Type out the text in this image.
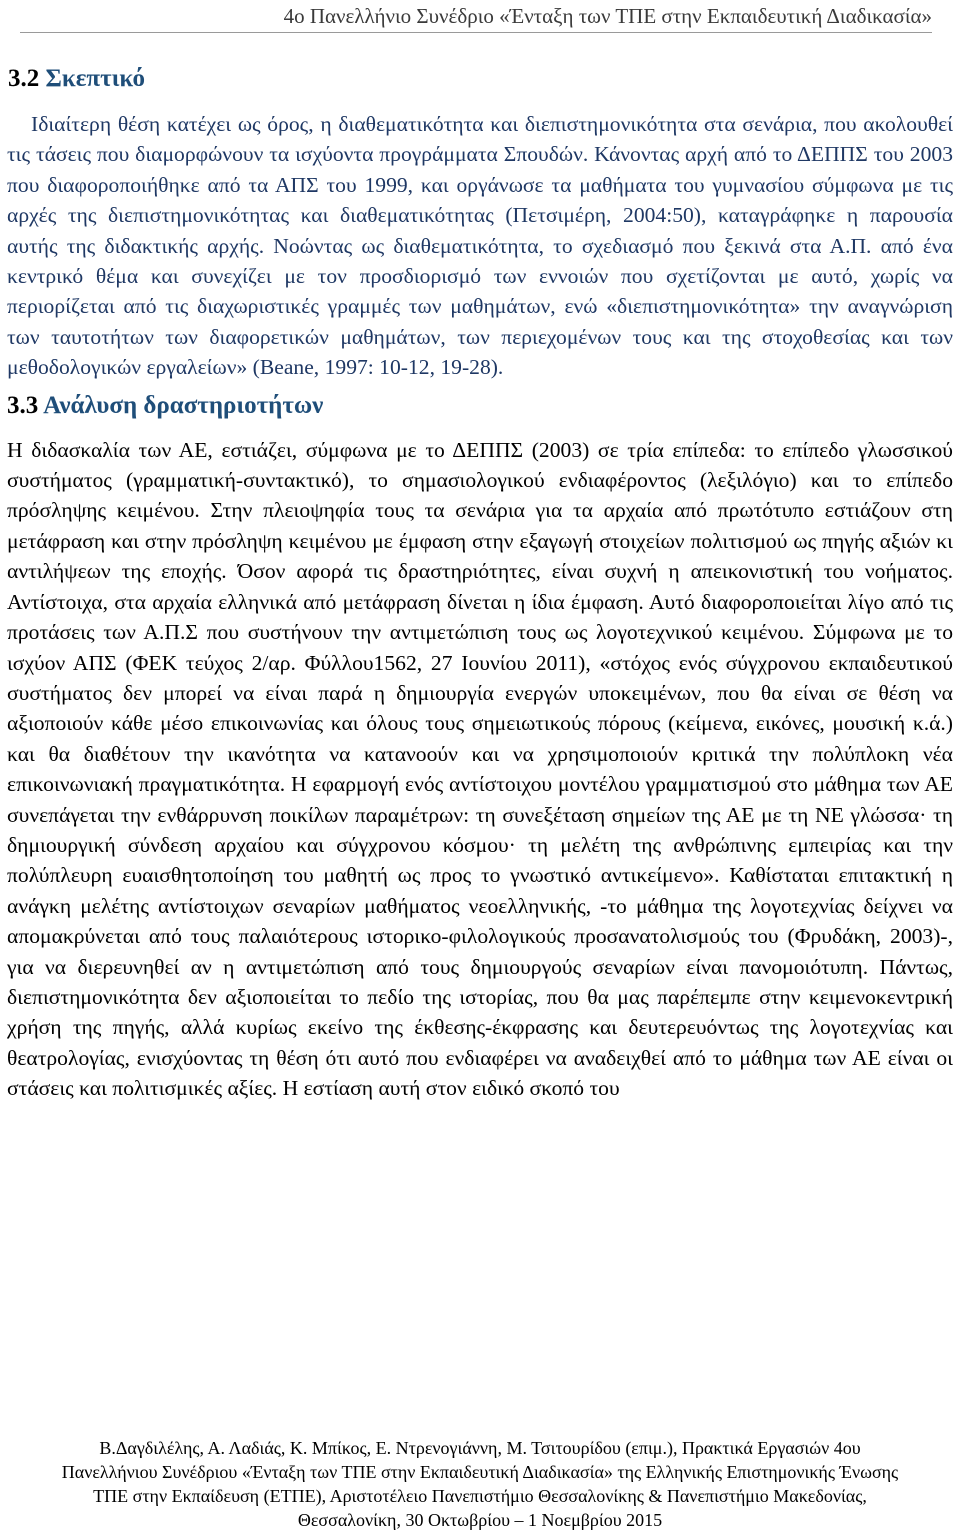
4ο Πανελλήνιο Συνέδριο «Ένταξη των ΤΠΕ στην Εκπαιδευτική Διαδικασία»
3.2 Σκεπτικό

Ιδιαίτερη θέση κατέχει ως όρος, η διαθεματικότητα και διεπιστημονικότητα στα σενάρια, που ακολουθεί τις τάσεις που διαμορφώνουν τα ισχύοντα προγράμματα Σπουδών. Κάνοντας αρχή από το ΔΕΠΠΣ του 2003 που διαφοροποιήθηκε από τα ΑΠΣ του 1999, και οργάνωσε τα μαθήματα του γυμνασίου σύμφωνα με τις αρχές της διεπιστημονικότητας και διαθεματικότητας (Πετσιμέρη, 2004:50), καταγράφηκε η παρουσία αυτής της διδακτικής αρχής. Νοώντας ως διαθεματικότητα, το σχεδιασμό που ξεκινά στα Α.Π. από ένα κεντρικό θέμα και συνεχίζει με τον προσδιορισμό των εννοιών που σχετίζονται με αυτό, χωρίς να περιορίζεται από τις διαχωριστικές γραμμές των μαθημάτων, ενώ «διεπιστημονικότητα» την αναγνώριση των ταυτοτήτων των διαφορετικών μαθημάτων, των περιεχομένων τους και της στοχοθεσίας και των μεθοδολογικών εργαλείων» (Beane, 1997: 10-12, 19-28).

3.3 Ανάλυση δραστηριοτήτων

Η διδασκαλία των ΑΕ, εστιάζει, σύμφωνα με το ΔΕΠΠΣ (2003) σε τρία επίπεδα: το επίπεδο γλωσσικού συστήματος (γραμματική-συντακτικό), το σημασιολογικού ενδιαφέροντος (λεξιλόγιο) και το επίπεδο πρόσληψης κειμένου. Στην πλειοψηφία τους τα σενάρια για τα αρχαία από πρωτότυπο εστιάζουν στη μετάφραση και στην πρόσληψη κειμένου με έμφαση στην εξαγωγή στοιχείων πολιτισμού ως πηγής αξιών κι αντιλήψεων της εποχής. Όσον αφορά τις δραστηριότητες, είναι συχνή η απεικονιστική του νοήματος. Αντίστοιχα, στα αρχαία ελληνικά από μετάφραση δίνεται η ίδια έμφαση. Αυτό διαφοροποιείται λίγο από τις προτάσεις των Α.Π.Σ που συστήνουν την αντιμετώπιση τους ως λογοτεχνικού κειμένου. Σύμφωνα με το ισχύον ΑΠΣ (ΦΕΚ τεύχος 2/αρ. Φύλλου1562, 27 Ιουνίου 2011), «στόχος ενός σύγχρονου εκπαιδευτικού συστήματος δεν μπορεί να είναι παρά η δημιουργία ενεργών υποκειμένων, που θα είναι σε θέση να αξιοποιούν κάθε μέσο επικοινωνίας και όλους τους σημειωτικούς πόρους (κείμενα, εικόνες, μουσική κ.ά.) και θα διαθέτουν την ικανότητα να κατανοούν και να χρησιμοποιούν κριτικά την πολύπλοκη νέα επικοινωνιακή πραγματικότητα. Η εφαρμογή ενός αντίστοιχου μοντέλου γραμματισμού στο μάθημα των ΑΕ συνεπάγεται την ενθάρρυνση ποικίλων παραμέτρων: τη συνεξέταση σημείων της ΑΕ με τη ΝΕ γλώσσα· τη δημιουργική σύνδεση αρχαίου και σύγχρονου κόσμου· τη μελέτη της ανθρώπινης εμπειρίας και την πολύπλευρη ευαισθητοποίηση του μαθητή ως προς το γνωστικό αντικείμενο». Καθίσταται επιτακτική η ανάγκη μελέτης αντίστοιχων σεναρίων μαθήματος νεοελληνικής, -το μάθημα της λογοτεχνίας δείχνει να απομακρύνεται από τους παλαιότερους ιστορικο-φιλολογικούς προσανατολισμούς του (Φρυδάκη, 2003)-, για να διερευνηθεί αν η αντιμετώπιση από τους δημιουργούς σεναρίων είναι πανομοιότυπη. Πάντως, διεπιστημονικότητα δεν αξιοποιείται το πεδίο της ιστορίας, που θα μας παρέπεμπε στην κειμενοκεντρική χρήση της πηγής, αλλά κυρίως εκείνο της έκθεσης-έκφρασης και δευτερευόντως της λογοτεχνίας και θεατρολογίας, ενισχύοντας τη θέση ότι αυτό που ενδιαφέρει να αναδειχθεί από το μάθημα των ΑΕ είναι οι στάσεις και πολιτισμικές αξίες. Η εστίαση αυτή στον ειδικό σκοπό του

Β.Δαγδιλέλης, Α. Λαδιάς, Κ. Μπίκος, Ε. Ντρενογιάννη, Μ. Τσιτουρίδου (επιμ.), Πρακτικά Εργασιών 4ου
Πανελλήνιου Συνέδριου «Ένταξη των ΤΠΕ στην Εκπαιδευτική Διαδικασία» της Ελληνικής Επιστημονικής Ένωσης
ΤΠΕ στην Εκπαίδευση (ΕΤΠΕ), Αριστοτέλειο Πανεπιστήμιο Θεσσαλονίκης & Πανεπιστήμιο Μακεδονίας,
Θεσσαλονίκη, 30 Οκτωβρίου – 1 Νοεμβρίου 2015
